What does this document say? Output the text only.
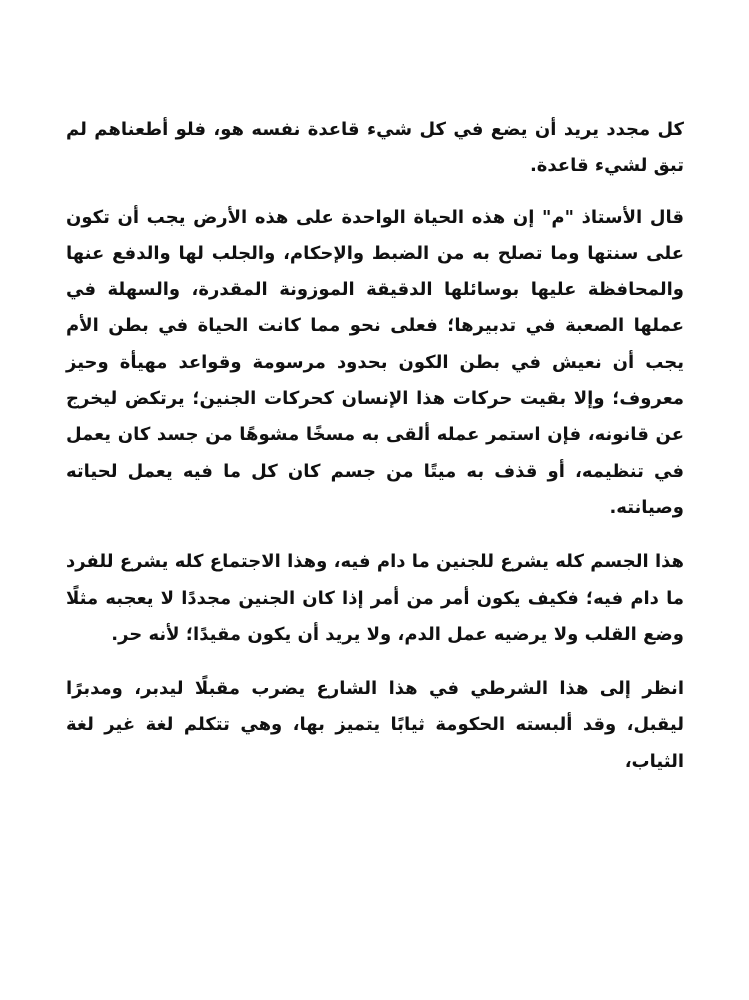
كل مجدد يريد أن يضع في كل شيء قاعدة نفسه هو، فلو أطعناهم لم تبق لشيء قاعدة.

قال الأستاذ "م" إن هذه الحياة الواحدة على هذه الأرض يجب أن تكون على سنتها وما تصلح به من الضبط والإحكام، والجلب لها والدفع عنها والمحافظة عليها بوسائلها الدقيقة الموزونة المقدرة، والسهلة في عملها الصعبة في تدبيرها؛ فعلى نحو مما كانت الحياة في بطن الأم يجب أن نعيش في بطن الكون بحدود مرسومة وقواعد مهيأة وحيز معروف؛ وإلا بقيت حركات هذا الإنسان كحركات الجنين؛ يرتكض ليخرج عن قانونه، فإن استمر عمله ألقى به مسخًا مشوهًا من جسد كان يعمل في تنظيمه، أو قذف به ميتًا من جسم كان كل ما فيه يعمل لحياته وصيانته.

هذا الجسم كله يشرع للجنين ما دام فيه، وهذا الاجتماع كله يشرع للفرد ما دام فيه؛ فكيف يكون أمر من أمر إذا كان الجنين مجددًا لا يعجبه مثلًا وضع القلب ولا يرضيه عمل الدم، ولا يريد أن يكون مقيدًا؛ لأنه حر.

انظر إلى هذا الشرطي في هذا الشارع يضرب مقبلًا ليدبر، ومدبرًا ليقبل، وقد ألبسته الحكومة ثيابًا يتميز بها، وهي تتكلم لغة غير لغة الثياب،
